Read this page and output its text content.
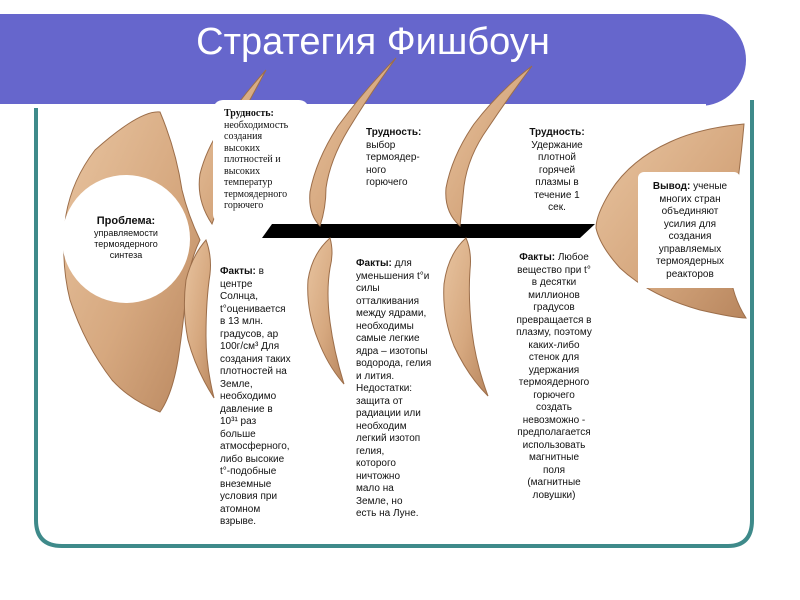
Стратегия Фишбоун
Проблема:
управляемости
термоядерного
синтеза
Трудность:
необходимость
создания
высоких
плотностей и
высоких
температур
термоядерного
горючего
Трудность:
выбор
термоядер-
ного
горючего
Трудность:
Удержание
плотной
горячей
плазмы в
течение 1
сек.
Факты: в
центре
Солнца,
t°оценивается
в 13 млн.
градусов, ар
100г/см³ Для
создания таких
плотностей на
Земле,
необходимо
давление в
10³¹ раз
больше
атмосферного,
либо высокие
t°-подобные
внеземные
условия при
атомном
взрыве.
Факты: для
уменьшения t°и
силы
отталкивания
между ядрами,
необходимы
самые легкие
ядра – изотопы
водорода, гелия
и лития.
Недостатки:
защита от
радиации или
необходим
легкий изотоп
гелия,
которого
ничтожно
мало на
Земле, но
есть на Луне.
Факты: Любое
вещество при t°
в десятки
миллионов
градусов
превращается в
плазму, поэтому
каких-либо
стенок для
удержания
термоядерного
горючего
создать
невозможно -
предполагается
использовать
магнитные
поля
(магнитные
ловушки)
Вывод: ученые
многих стран
объединяют
усилия для
создания
управляемых
термоядерных
реакторов
